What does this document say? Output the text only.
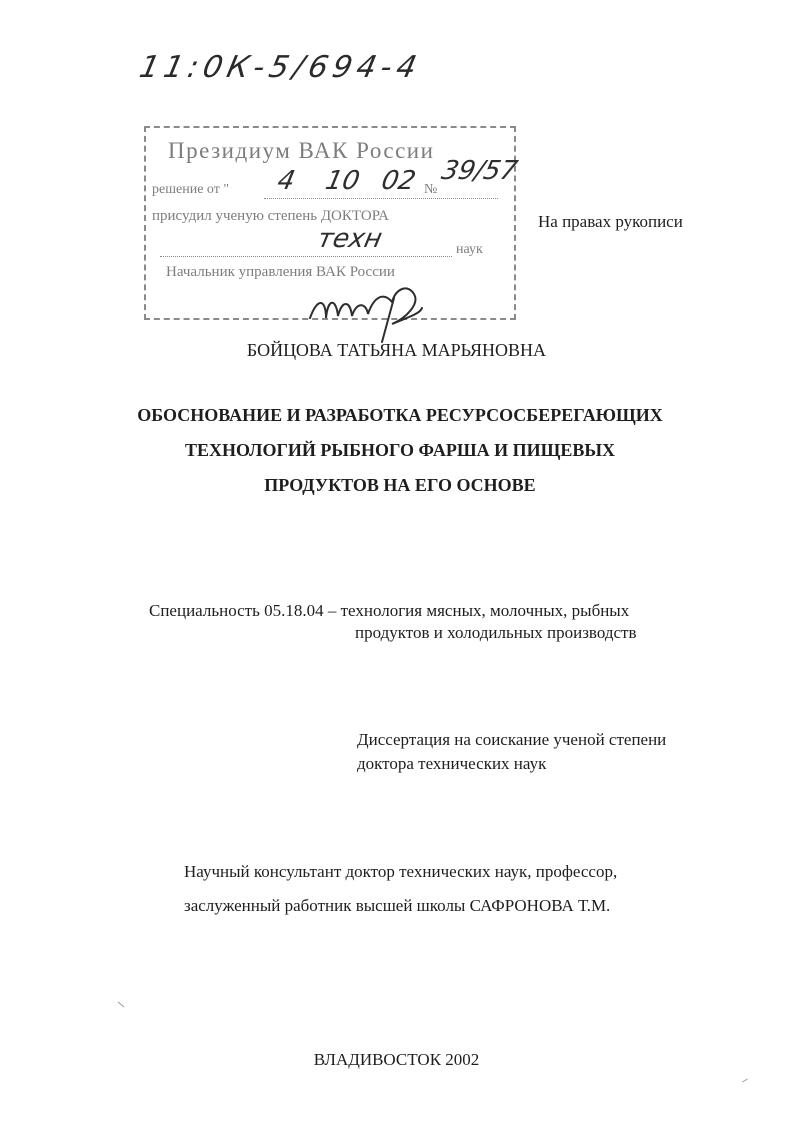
11:0К-5/694-4
Президиум ВАК России
решение от " 4 10 02 №
39/57
присудил ученую степень ДОКТОРА
техн	наук
Начальник управления ВАК России
На правах рукописи
БОЙЦОВА ТАТЬЯНА МАРЬЯНОВНА
ОБОСНОВАНИЕ И РАЗРАБОТКА РЕСУРСОСБЕРЕГАЮЩИХ
ТЕХНОЛОГИЙ РЫБНОГО ФАРША И ПИЩЕВЫХ
ПРОДУКТОВ НА ЕГО ОСНОВЕ
Специальность 05.18.04 – технология мясных, молочных, рыбных
продуктов и холодильных производств
Диссертация на соискание ученой степени
доктора технических наук
Научный консультант доктор технических наук, профессор,
заслуженный работник высшей школы САФРОНОВА Т.М.
ВЛАДИВОСТОК 2002
